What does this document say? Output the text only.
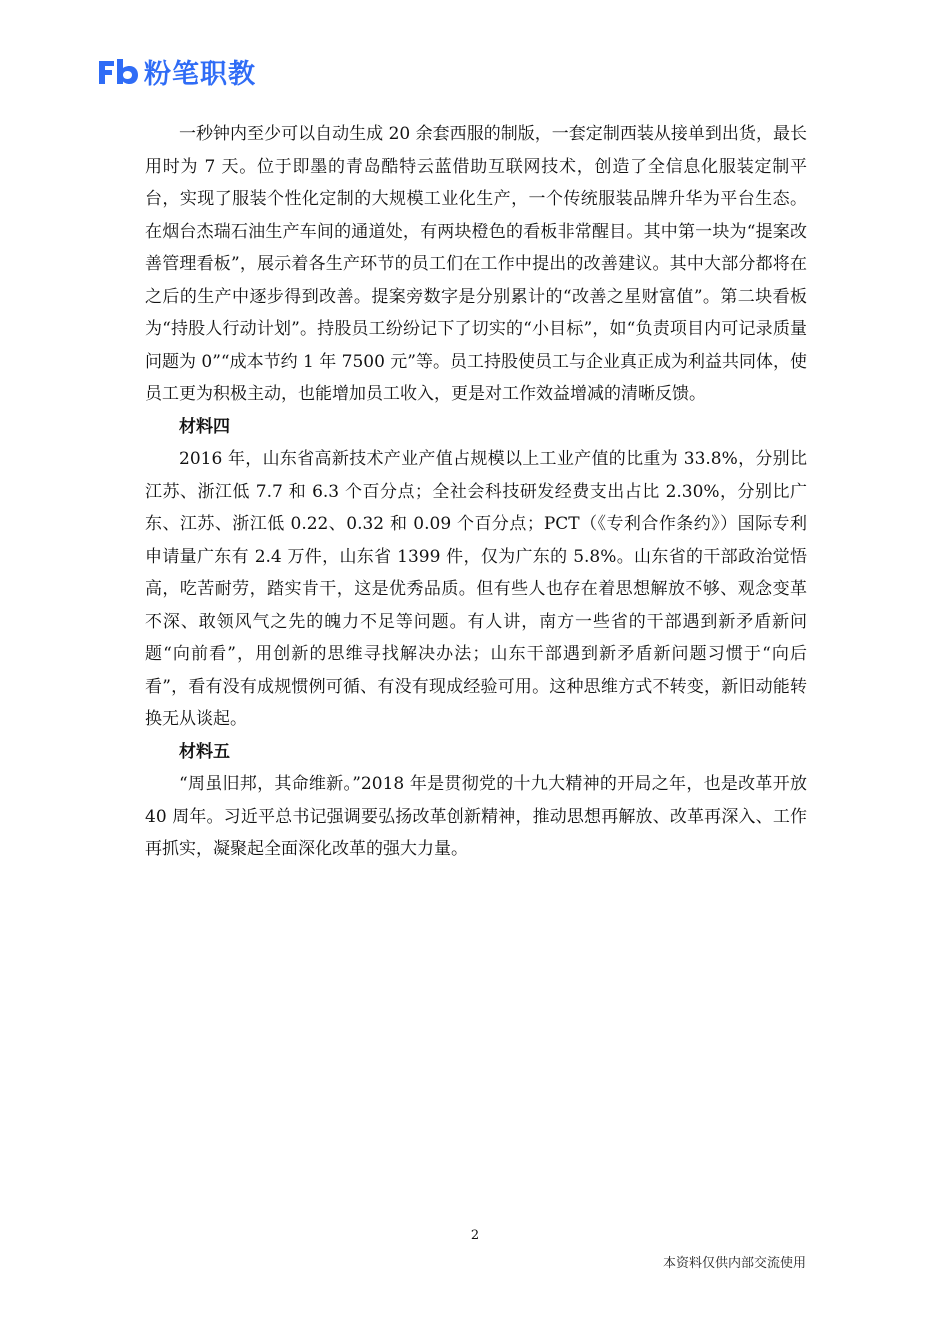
粉笔职教

一秒钟内至少可以自动生成 20 余套西服的制版，一套定制西装从接单到出货，最长用时为 7 天。位于即墨的青岛酷特云蓝借助互联网技术，创造了全信息化服装定制平台，实现了服装个性化定制的大规模工业化生产，一个传统服装品牌升华为平台生态。在烟台杰瑞石油生产车间的通道处，有两块橙色的看板非常醒目。其中第一块为“提案改善管理看板”，展示着各生产环节的员工们在工作中提出的改善建议。其中大部分都将在之后的生产中逐步得到改善。提案旁数字是分别累计的“改善之星财富值”。第二块看板为“持股人行动计划”。持股员工纷纷记下了切实的“小目标”，如“负责项目内可记录质量问题为 0”“成本节约 1 年 7500 元”等。员工持股使员工与企业真正成为利益共同体，使员工更为积极主动，也能增加员工收入，更是对工作效益增减的清晰反馈。

材料四

2016 年，山东省高新技术产业产值占规模以上工业产值的比重为 33.8%，分别比江苏、浙江低 7.7 和 6.3 个百分点；全社会科技研发经费支出占比 2.30%，分别比广东、江苏、浙江低 0.22、0.32 和 0.09 个百分点；PCT（《专利合作条约》）国际专利申请量广东有 2.4 万件，山东省 1399 件，仅为广东的 5.8%。山东省的干部政治觉悟高，吃苦耐劳，踏实肯干，这是优秀品质。但有些人也存在着思想解放不够、观念变革不深、敢领风气之先的魄力不足等问题。有人讲，南方一些省的干部遇到新矛盾新问题“向前看”，用创新的思维寻找解决办法；山东干部遇到新矛盾新问题习惯于“向后看”，看有没有成规惯例可循、有没有现成经验可用。这种思维方式不转变，新旧动能转换无从谈起。

材料五

“周虽旧邦，其命维新。”2018 年是贯彻党的十九大精神的开局之年，也是改革开放 40 周年。习近平总书记强调要弘扬改革创新精神，推动思想再解放、改革再深入、工作再抓实，凝聚起全面深化改革的强大力量。

2
本资料仅供内部交流使用
